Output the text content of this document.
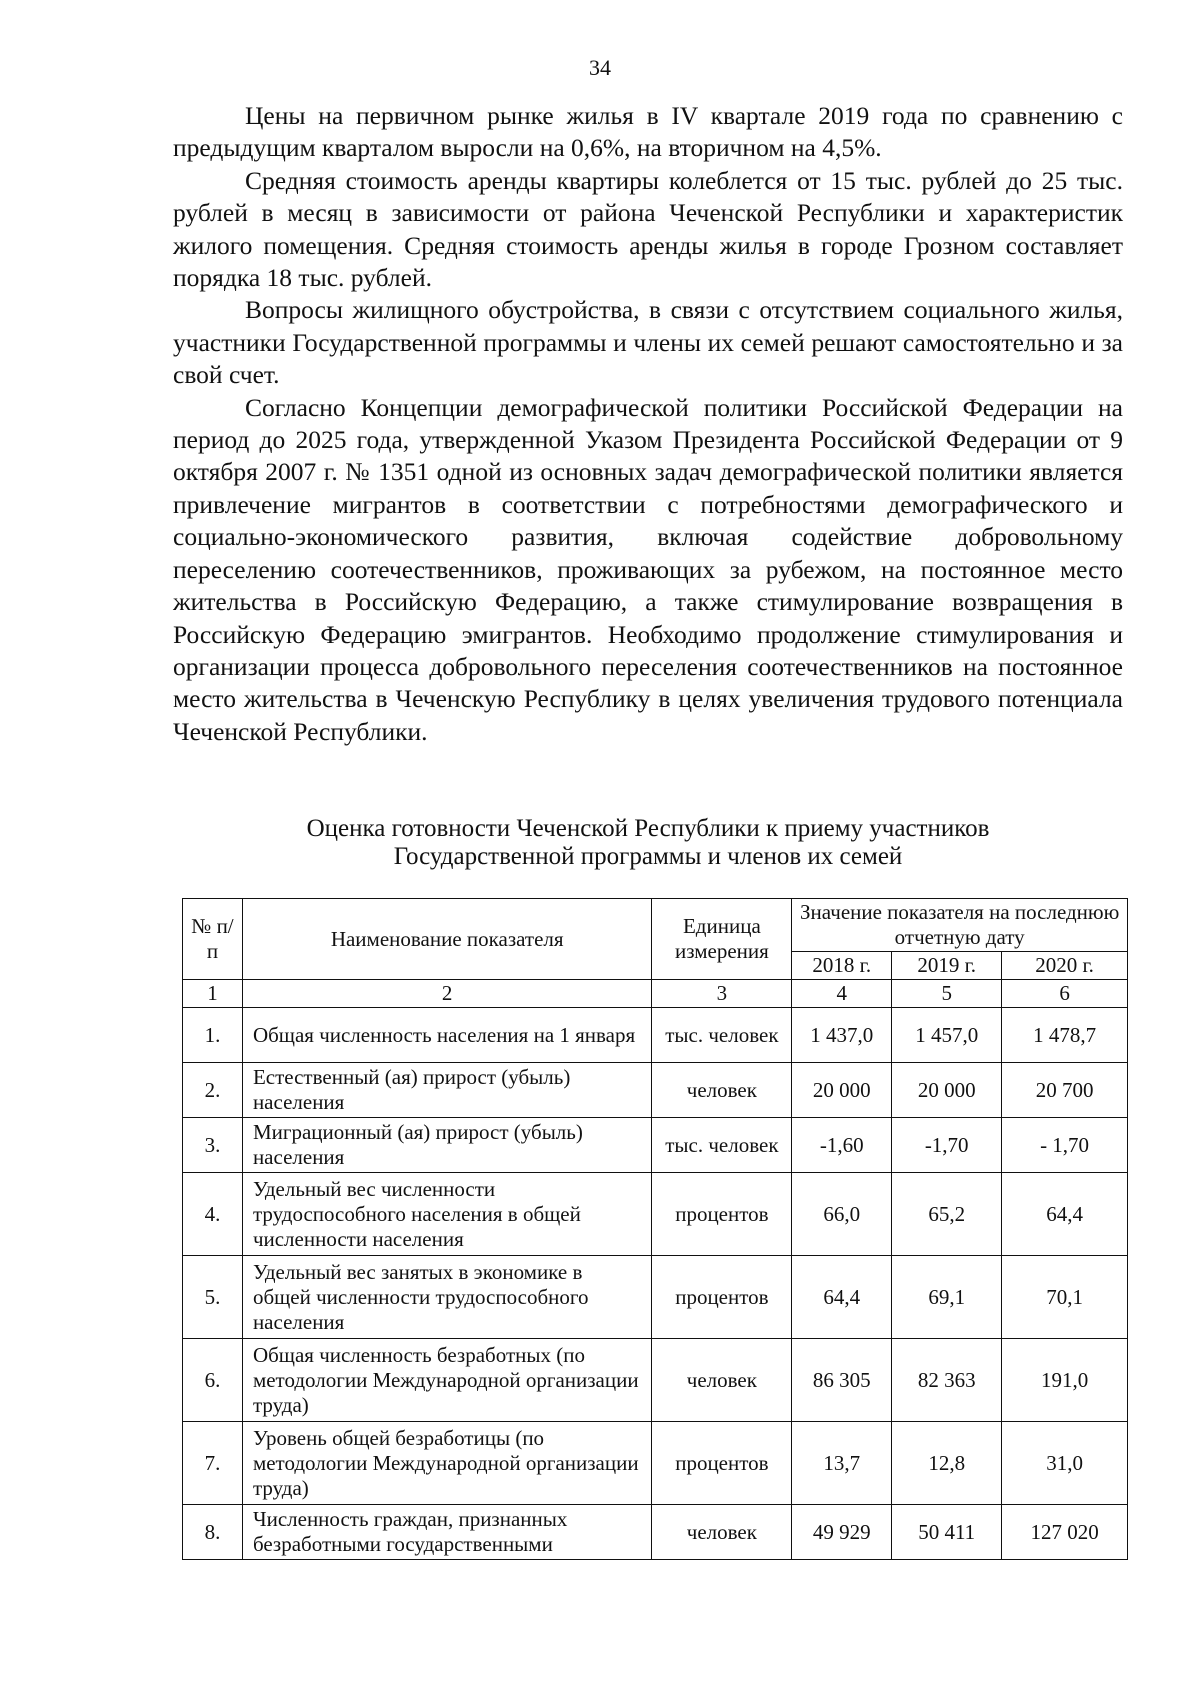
34

Цены на первичном рынке жилья в IV квартале 2019 года по сравнению с предыдущим кварталом выросли на 0,6%, на вторичном на 4,5%.

Средняя стоимость аренды квартиры колеблется от 15 тыс. рублей до 25 тыс. рублей в месяц в зависимости от района Чеченской Республики и характеристик жилого помещения. Средняя стоимость аренды жилья в городе Грозном составляет порядка 18 тыс. рублей.

Вопросы жилищного обустройства, в связи с отсутствием социального жилья, участники Государственной программы и члены их семей решают самостоятельно и за свой счет.

Согласно Концепции демографической политики Российской Федерации на период до 2025 года, утвержденной Указом Президента Российской Федерации от 9 октября 2007 г. № 1351 одной из основных задач демографической политики является привлечение мигрантов в соответствии с потребностями демографического и социально-экономического развития, включая содействие добровольному переселению соотечественников, проживающих за рубежом, на постоянное место жительства в Российскую Федерацию, а также стимулирование возвращения в Российскую Федерацию эмигрантов. Необходимо продолжение стимулирования и организации процесса добровольного переселения соотечественников на постоянное место жительства в Чеченскую Республику в целях увеличения трудового потенциала Чеченской Республики.

Оценка готовности Чеченской Республики к приему участников
Государственной программы и членов их семей
№ п/п	Наименование показателя	Единица измерения	Значение показателя на последнюю отчетную дату		
			2018 г.	2019 г.	2020 г.
1	2	3	4	5	6
1.	Общая численность населения на 1 января	тыс. человек	1 437,0	1 457,0	1 478,7
2.	Естественный (ая) прирост (убыль) населения	человек	20 000	20 000	20 700
3.	Миграционный (ая) прирост (убыль) населения	тыс. человек	-1,60	-1,70	- 1,70
4.	Удельный вес численности трудоспособного населения в общей численности населения	процентов	66,0	65,2	64,4
5.	Удельный вес занятых в экономике в общей численности трудоспособного населения	процентов	64,4	69,1	70,1
6.	Общая численность безработных (по методологии Международной организации труда)	человек	86 305	82 363	191,0
7.	Уровень общей безработицы (по методологии Международной организации труда)	процентов	13,7	12,8	31,0
8.	Численность граждан, признанных безработными государственными	человек	49 929	50 411	127 020
